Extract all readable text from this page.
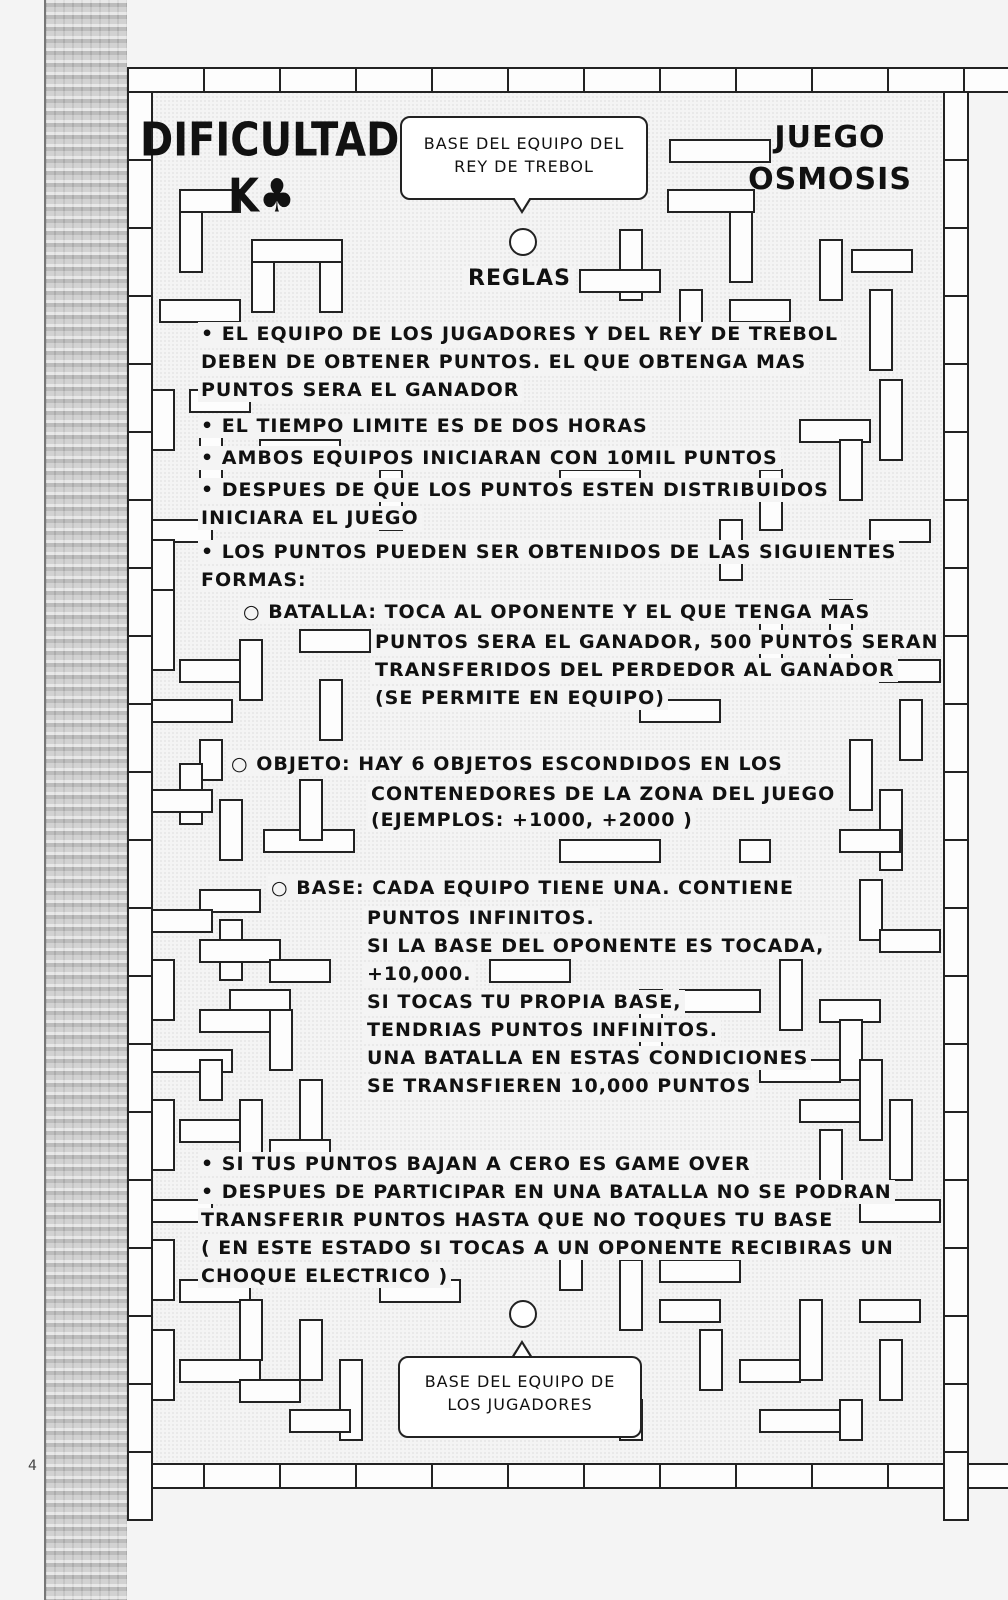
4
DIFICULTAD
K♣
JUEGO
OSMOSIS
BASE DEL EQUIPO DEL REY DE TREBOL
REGLAS
• EL EQUIPO DE LOS JUGADORES Y DEL REY DE TREBOL
DEBEN DE OBTENER PUNTOS. EL QUE OBTENGA MAS
PUNTOS SERA EL GANADOR
• EL TIEMPO LIMITE ES DE DOS HORAS
• AMBOS EQUIPOS INICIARAN CON 10MIL PUNTOS
• DESPUES DE QUE LOS PUNTOS ESTEN DISTRIBUIDOS
INICIARA EL JUEGO
• LOS PUNTOS PUEDEN SER OBTENIDOS DE LAS SIGUIENTES
FORMAS:
○ BATALLA: TOCA AL OPONENTE Y EL QUE TENGA MAS
PUNTOS SERA EL GANADOR, 500 PUNTOS SERAN
TRANSFERIDOS DEL PERDEDOR AL GANADOR
(SE PERMITE EN EQUIPO)
○ OBJETO: HAY 6 OBJETOS ESCONDIDOS EN LOS
CONTENEDORES DE LA ZONA DEL JUEGO
(EJEMPLOS: +1000, +2000 )
○ BASE: CADA EQUIPO TIENE UNA. CONTIENE
PUNTOS INFINITOS.
SI LA BASE DEL OPONENTE ES TOCADA,
+10,000.
SI TOCAS TU PROPIA BASE,
TENDRIAS PUNTOS INFINITOS.
UNA BATALLA EN ESTAS CONDICIONES
SE TRANSFIEREN 10,000 PUNTOS
• SI TUS PUNTOS BAJAN A CERO ES GAME OVER
• DESPUES DE PARTICIPAR EN UNA BATALLA NO SE PODRAN
TRANSFERIR PUNTOS HASTA QUE NO TOQUES TU BASE
( EN ESTE ESTADO SI TOCAS A UN OPONENTE RECIBIRAS UN
CHOQUE ELECTRICO )
BASE DEL EQUIPO DE LOS JUGADORES
